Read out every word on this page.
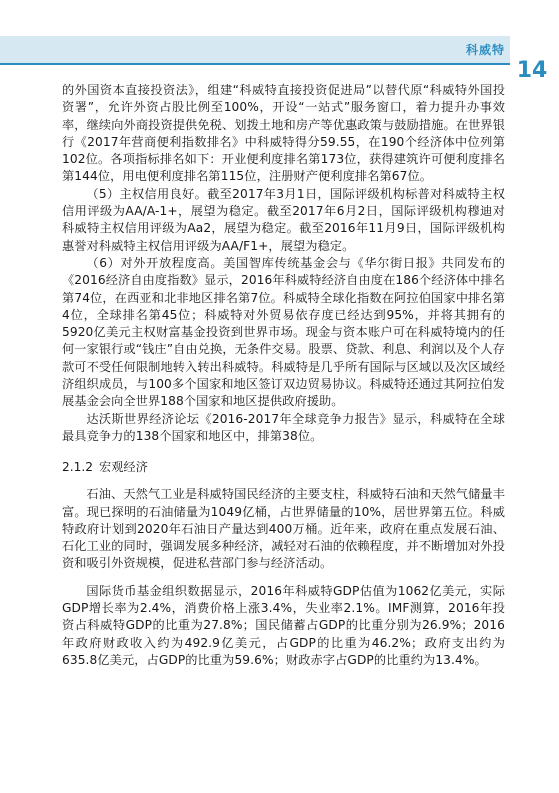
科威特
14

的外国资本直接投资法》，组建“科威特直接投资促进局”以替代原“科威特外国投资署”，允许外资占股比例至100%，开设“一站式”服务窗口，着力提升办事效率，继续向外商投资提供免税、划拨土地和房产等优惠政策与鼓励措施。在世界银行《2017年营商便利指数排名》中科威特得分59.55，在190个经济体中位列第102位。各项指标排名如下：开业便利度排名第173位，获得建筑许可便利度排名第144位，用电便利度排名第115位，注册财产便利度排名第67位。

（5）主权信用良好。截至2017年3月1日，国际评级机构标普对科威特主权信用评级为AA/A-1+，展望为稳定。截至2017年6月2日，国际评级机构穆迪对科威特主权信用评级为Aa2，展望为稳定。截至2016年11月9日，国际评级机构惠誉对科威特主权信用评级为AA/F1+，展望为稳定。

（6）对外开放程度高。美国智库传统基金会与《华尔街日报》共同发布的《2016经济自由度指数》显示，2016年科威特经济自由度在186个经济体中排名第74位，在西亚和北非地区排名第7位。科威特全球化指数在阿拉伯国家中排名第4位，全球排名第45位；科威特对外贸易依存度已经达到95%，并将其拥有的5920亿美元主权财富基金投资到世界市场。现金与资本账户可在科威特境内的任何一家银行或“钱庄”自由兑换，无条件交易。股票、贷款、利息、利润以及个人存款可不受任何限制地转入转出科威特。科威特是几乎所有国际与区域以及次区域经济组织成员，与100多个国家和地区签订双边贸易协议。科威特还通过其阿拉伯发展基金会向全世界188个国家和地区提供政府援助。

达沃斯世界经济论坛《2016-2017年全球竞争力报告》显示，科威特在全球最具竞争力的138个国家和地区中，排第38位。

2.1.2 宏观经济

石油、天然气工业是科威特国民经济的主要支柱，科威特石油和天然气储量丰富。现已探明的石油储量为1049亿桶，占世界储量的10%，居世界第五位。科威特政府计划到2020年石油日产量达到400万桶。近年来，政府在重点发展石油、石化工业的同时，强调发展多种经济，减轻对石油的依赖程度，并不断增加对外投资和吸引外资规模，促进私营部门参与经济活动。

国际货币基金组织数据显示，2016年科威特GDP估值为1062亿美元，实际GDP增长率为2.4%，消费价格上涨3.4%，失业率2.1%。IMF测算，2016年投资占科威特GDP的比重为27.8%；国民储蓄占GDP的比重分别为26.9%；2016年政府财政收入约为492.9亿美元，占GDP的比重为46.2%；政府支出约为635.8亿美元，占GDP的比重为59.6%；财政赤字占GDP的比重约为13.4%。
